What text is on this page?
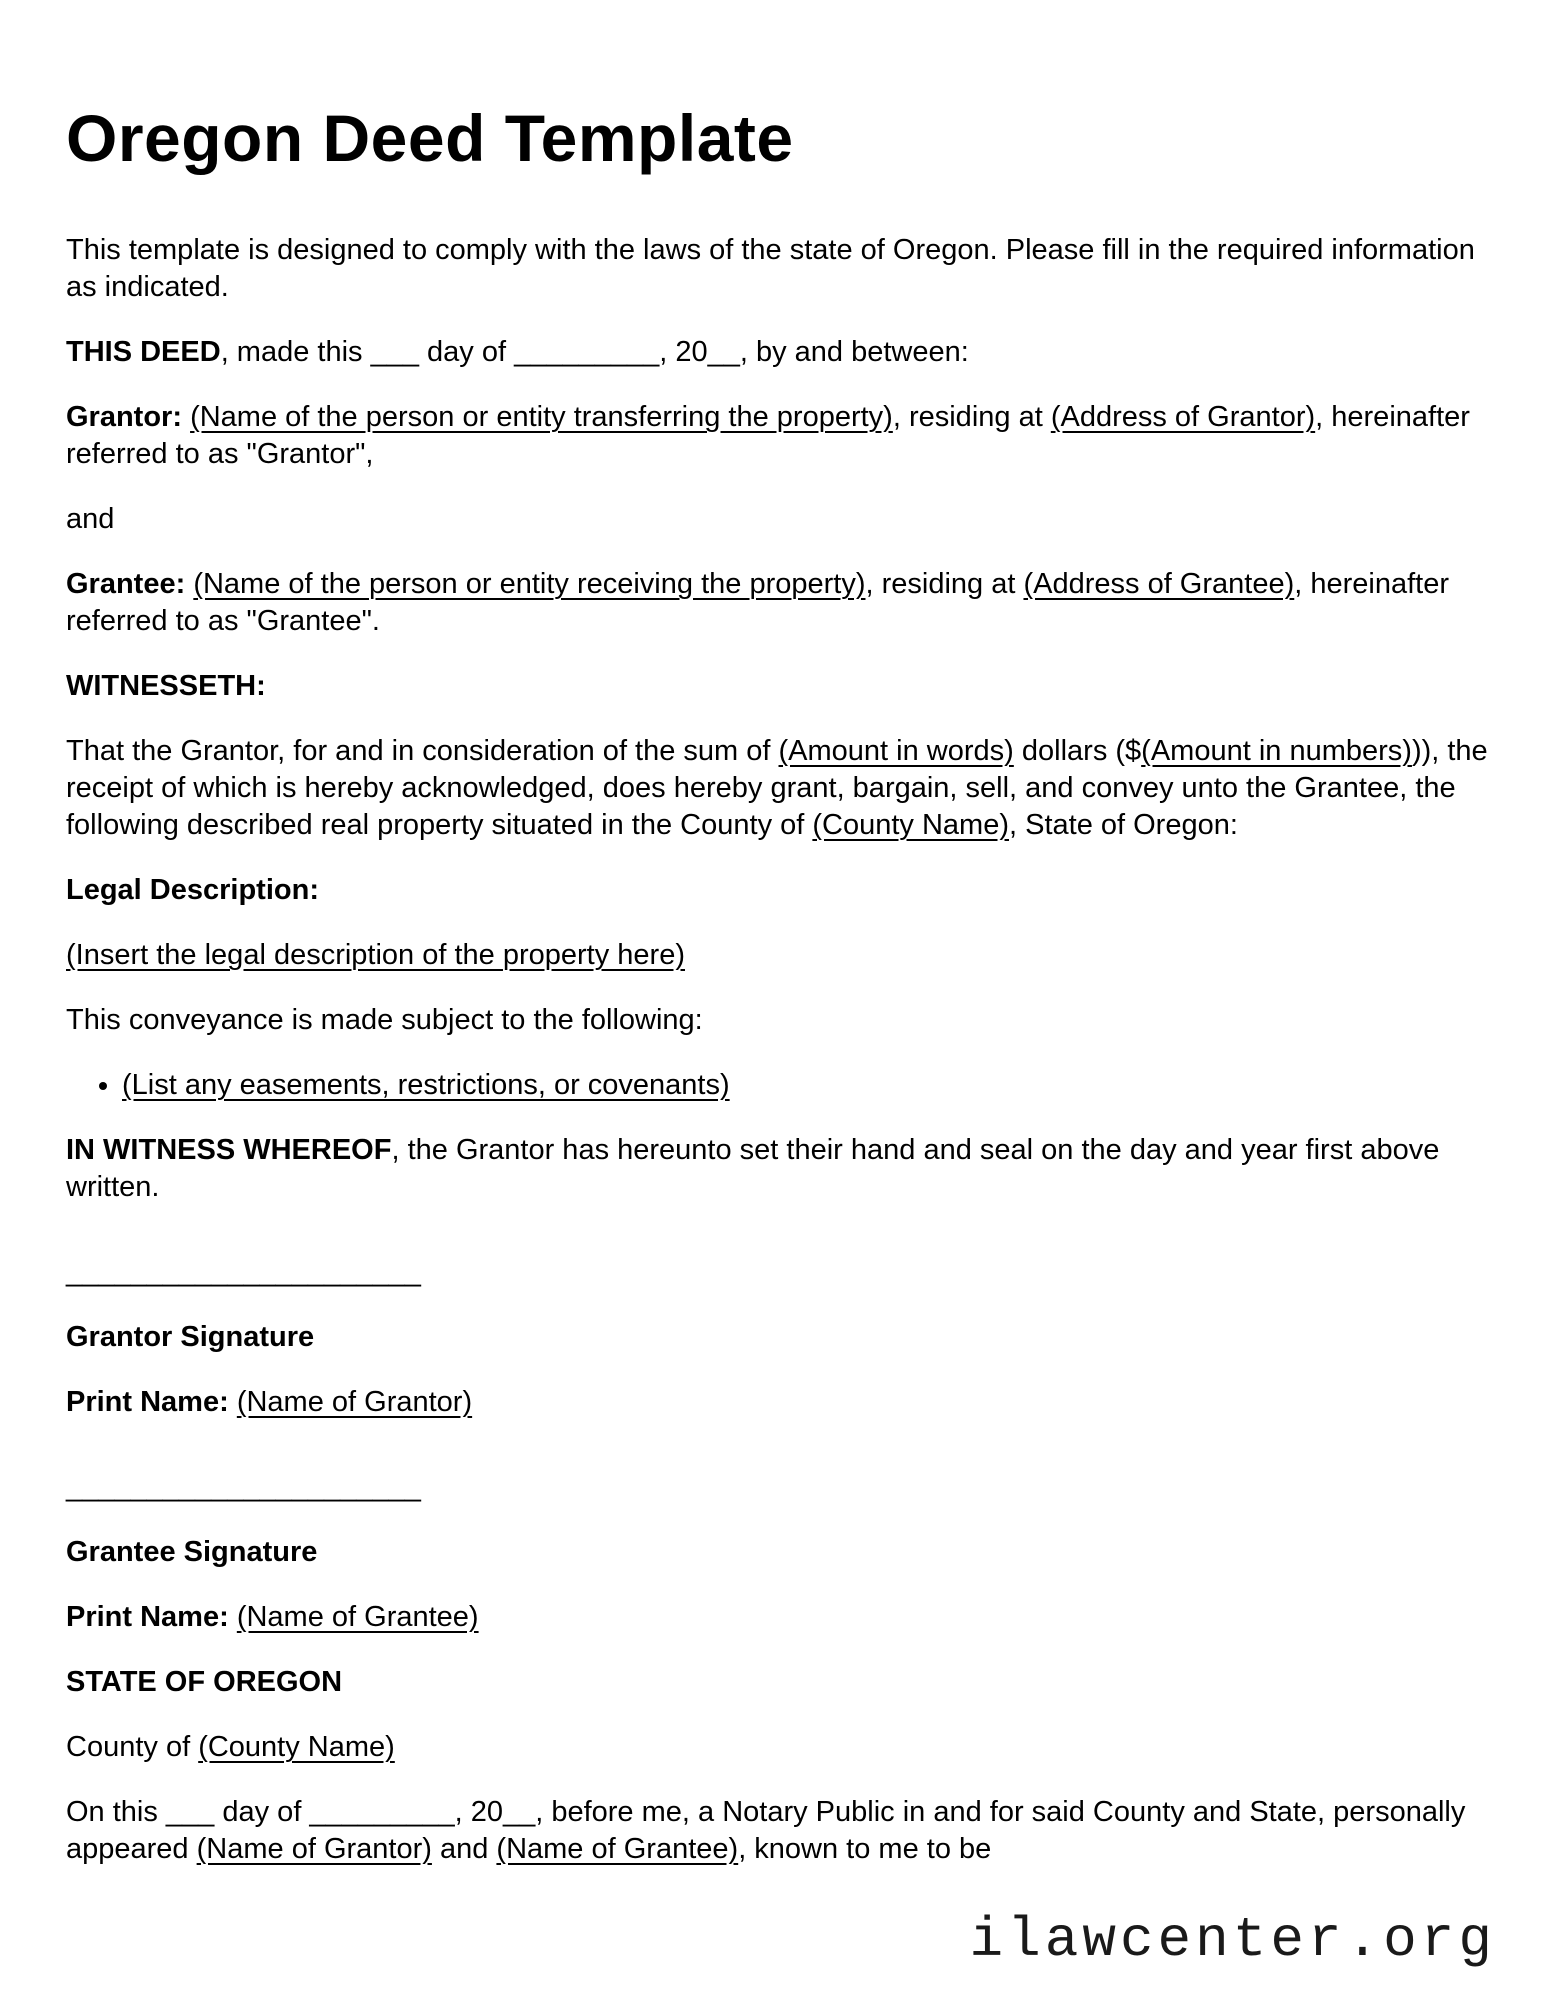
Oregon Deed Template

This template is designed to comply with the laws of the state of Oregon. Please fill in the required information as indicated.

THIS DEED, made this ___ day of _________, 20__, by and between:

Grantor: (Name of the person or entity transferring the property), residing at (Address of Grantor), hereinafter referred to as "Grantor",

and

Grantee: (Name of the person or entity receiving the property), residing at (Address of Grantee), hereinafter referred to as "Grantee".

WITNESSETH:

That the Grantor, for and in consideration of the sum of (Amount in words) dollars ($(Amount in numbers))), the receipt of which is hereby acknowledged, does hereby grant, bargain, sell, and convey unto the Grantee, the following described real property situated in the County of (County Name), State of Oregon:

Legal Description:

(Insert the legal description of the property here)

This conveyance is made subject to the following:

• (List any easements, restrictions, or covenants)

IN WITNESS WHEREOF, the Grantor has hereunto set their hand and seal on the day and year first above written.

______________________

Grantor Signature

Print Name: (Name of Grantor)

______________________

Grantee Signature

Print Name: (Name of Grantee)

STATE OF OREGON

County of (County Name)

On this ___ day of _________, 20__, before me, a Notary Public in and for said County and State, personally appeared (Name of Grantor) and (Name of Grantee), known to me to be

ilawcenter.org
